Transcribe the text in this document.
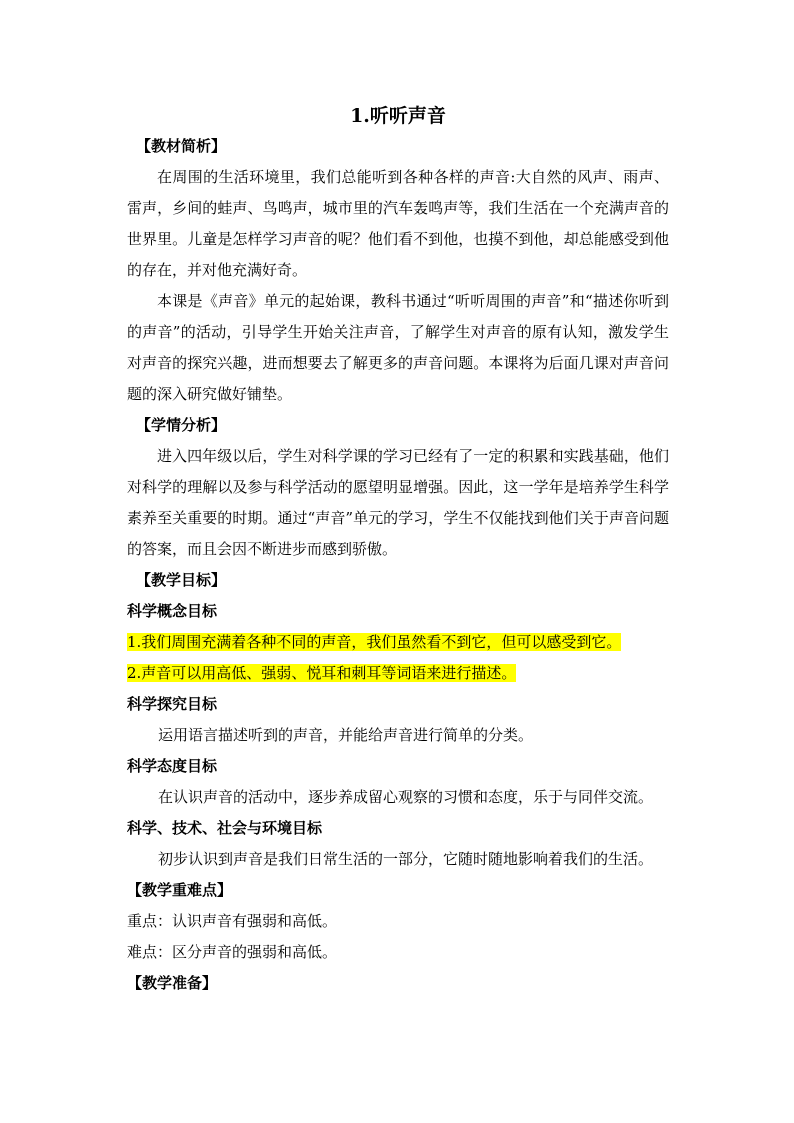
1.听听声音

【教材简析】

在周围的生活环境里，我们总能听到各种各样的声音:大自然的风声、雨声、雷声，乡间的蛙声、鸟鸣声，城市里的汽车轰鸣声等，我们生活在一个充满声音的世界里。儿童是怎样学习声音的呢？他们看不到他，也摸不到他，却总能感受到他的存在，并对他充满好奇。

本课是《声音》单元的起始课，教科书通过“听听周围的声音”和“描述你听到的声音”的活动，引导学生开始关注声音，了解学生对声音的原有认知，激发学生对声音的探究兴趣，进而想要去了解更多的声音问题。本课将为后面几课对声音问题的深入研究做好铺垫。

【学情分析】

进入四年级以后，学生对科学课的学习已经有了一定的积累和实践基础，他们对科学的理解以及参与科学活动的愿望明显增强。因此，这一学年是培养学生科学素养至关重要的时期。通过“声音”单元的学习，学生不仅能找到他们关于声音问题的答案，而且会因不断进步而感到骄傲。

【教学目标】

科学概念目标

1.我们周围充满着各种不同的声音，我们虽然看不到它，但可以感受到它。

2.声音可以用高低、强弱、悦耳和刺耳等词语来进行描述。

科学探究目标

运用语言描述听到的声音，并能给声音进行简单的分类。

科学态度目标

在认识声音的活动中，逐步养成留心观察的习惯和态度，乐于与同伴交流。

科学、技术、社会与环境目标

初步认识到声音是我们日常生活的一部分，它随时随地影响着我们的生活。

【教学重难点】

重点：认识声音有强弱和高低。

难点：区分声音的强弱和高低。

【教学准备】
